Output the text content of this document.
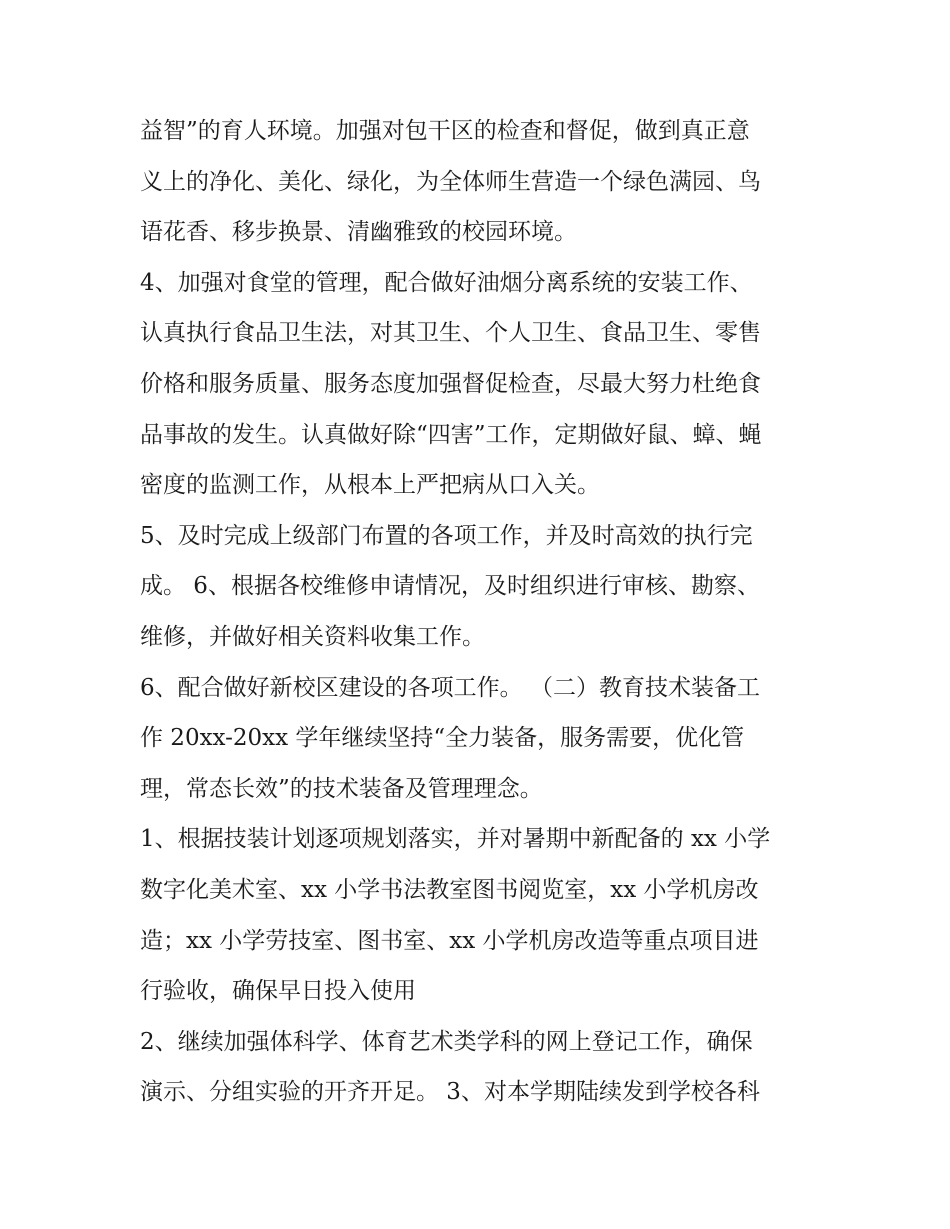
益智”的育人环境。加强对包干区的检查和督促，做到真正意
义上的净化、美化、绿化，为全体师生营造一个绿色满园、鸟
语花香、移步换景、清幽雅致的校园环境。
4、加强对食堂的管理，配合做好油烟分离系统的安装工作、
认真执行食品卫生法，对其卫生、个人卫生、食品卫生、零售
价格和服务质量、服务态度加强督促检查，尽最大努力杜绝食
品事故的发生。认真做好除“四害”工作，定期做好鼠、蟑、蝇
密度的监测工作，从根本上严把病从口入关。
5、及时完成上级部门布置的各项工作，并及时高效的执行完
成。 6、根据各校维修申请情况，及时组织进行审核、勘察、
维修，并做好相关资料收集工作。
6、配合做好新校区建设的各项工作。 （二）教育技术装备工
作 20xx-20xx 学年继续坚持“全力装备，服务需要，优化管
理，常态长效”的技术装备及管理理念。
1、根据技装计划逐项规划落实，并对暑期中新配备的 xx 小学
数字化美术室、xx 小学书法教室图书阅览室，xx 小学机房改
造；xx 小学劳技室、图书室、xx 小学机房改造等重点项目进
行验收，确保早日投入使用
2、继续加强体科学、体育艺术类学科的网上登记工作，确保
演示、分组实验的开齐开足。 3、对本学期陆续发到学校各科
